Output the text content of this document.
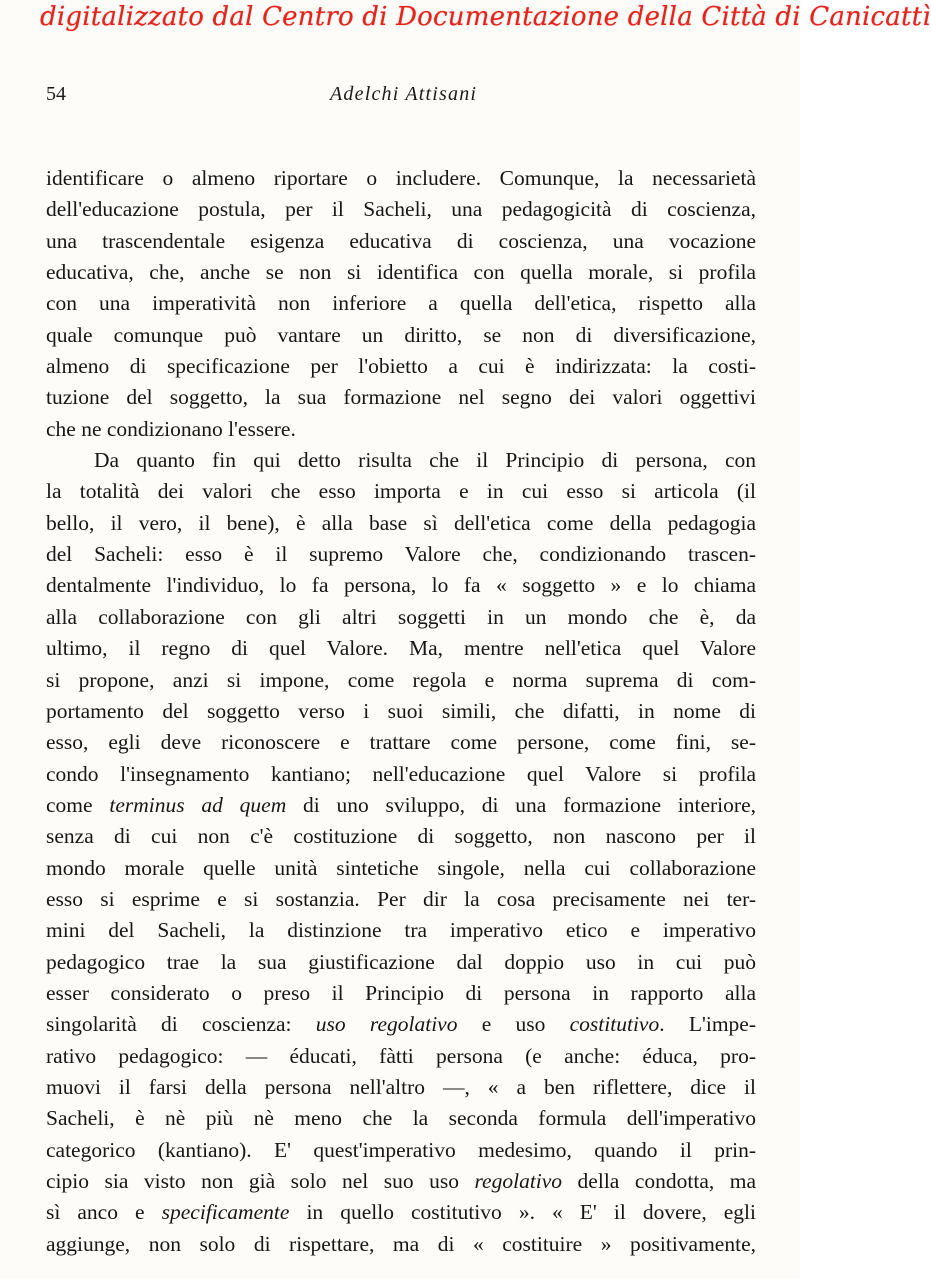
digitalizzato dal Centro di Documentazione della Città di Canicattì
54	Adelchi Attisani
identificare o almeno riportare o includere. Comunque, la necessarietà
dell'educazione postula, per il Sacheli, una pedagogicità di coscienza,
una trascendentale esigenza educativa di coscienza, una vocazione
educativa, che, anche se non si identifica con quella morale, si profila
con una imperatività non inferiore a quella dell'etica, rispetto alla
quale comunque può vantare un diritto, se non di diversificazione,
almeno di specificazione per l'obietto a cui è indirizzata: la costi-
tuzione del soggetto, la sua formazione nel segno dei valori oggettivi
che ne condizionano l'essere.
Da quanto fin qui detto risulta che il Principio di persona, con
la totalità dei valori che esso importa e in cui esso si articola (il
bello, il vero, il bene), è alla base sì dell'etica come della pedagogia
del Sacheli: esso è il supremo Valore che, condizionando trascen-
dentalmente l'individuo, lo fa persona, lo fa « soggetto » e lo chiama
alla collaborazione con gli altri soggetti in un mondo che è, da
ultimo, il regno di quel Valore. Ma, mentre nell'etica quel Valore
si propone, anzi si impone, come regola e norma suprema di com-
portamento del soggetto verso i suoi simili, che difatti, in nome di
esso, egli deve riconoscere e trattare come persone, come fini, se-
condo l'insegnamento kantiano; nell'educazione quel Valore si profila
come terminus ad quem di uno sviluppo, di una formazione interiore,
senza di cui non c'è costituzione di soggetto, non nascono per il
mondo morale quelle unità sintetiche singole, nella cui collaborazione
esso si esprime e si sostanzia. Per dir la cosa precisamente nei ter-
mini del Sacheli, la distinzione tra imperativo etico e imperativo
pedagogico trae la sua giustificazione dal doppio uso in cui può
esser considerato o preso il Principio di persona in rapporto alla
singolarità di coscienza: uso regolativo e uso costitutivo. L'impe-
rativo pedagogico: — éducati, fàtti persona (e anche: éduca, pro-
muovi il farsi della persona nell'altro —, « a ben riflettere, dice il
Sacheli, è nè più nè meno che la seconda formula dell'imperativo
categorico (kantiano). E' quest'imperativo medesimo, quando il prin-
cipio sia visto non già solo nel suo uso regolativo della condotta, ma
sì anco e specificamente in quello costitutivo ». « E' il dovere, egli
aggiunge, non solo di rispettare, ma di « costituire » positivamente,
